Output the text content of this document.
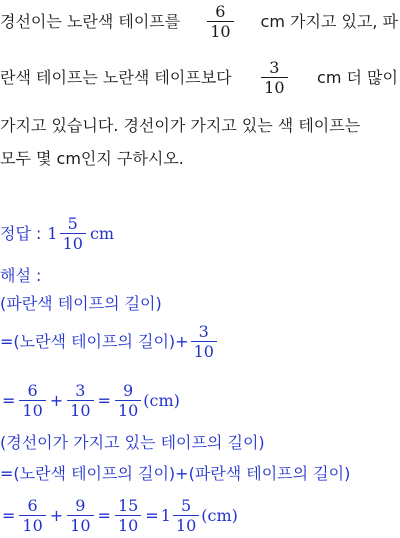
경선이는 노란색 테이프를 $\frac{6}{10}$ cm 가지고 있고, 파
란색 테이프는 노란색 테이프보다 $\frac{3}{10}$ cm 더 많이
가지고 있습니다. 경선이가 가지고 있는 색 테이프는
모두 몇 cm인지 구하시오.
정답 : $1 \frac{5}{10}$ cm
해설 :
(파란색 테이프의 길이)
=(노란색 테이프의 길이)+ $\frac{3}{10}$
= $\frac{6}{10} + \frac{3}{10} = \frac{9}{10} (cm)$
(경선이가 가지고 있는 테이프의 길이)
=(노란색 테이프의 길이)+(파란색 테이프의 길이)
= $\frac{6}{10} + \frac{9}{10} = \frac{15}{10} = 1 \frac{5}{10} (cm)$
